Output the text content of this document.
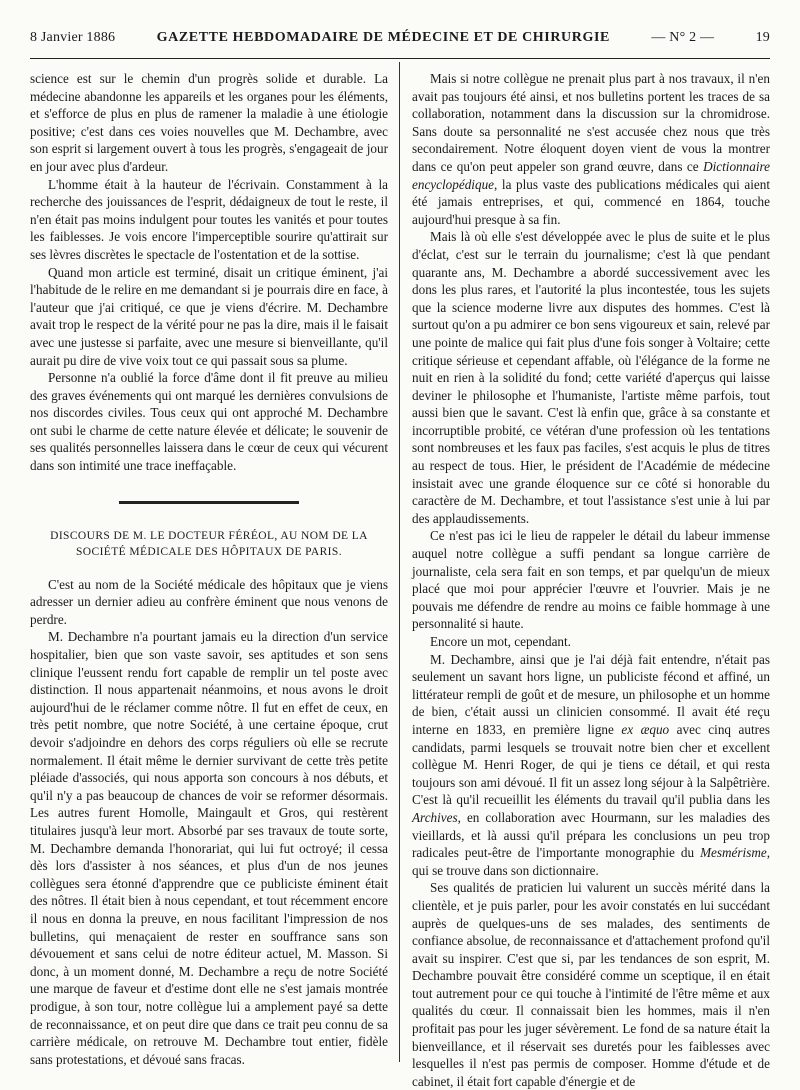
8 Janvier 1886	GAZETTE HEBDOMADAIRE DE MÉDECINE ET DE CHIRURGIE	— N° 2 —	19

science est sur le chemin d'un progrès solide et durable. La médecine abandonne les appareils et les organes pour les éléments, et s'efforce de plus en plus de ramener la maladie à une étiologie positive; c'est dans ces voies nouvelles que M. Dechambre, avec son esprit si largement ouvert à tous les progrès, s'engageait de jour en jour avec plus d'ardeur.

L'homme était à la hauteur de l'écrivain. Constamment à la recherche des jouissances de l'esprit, dédaigneux de tout le reste, il n'en était pas moins indulgent pour toutes les vanités et pour toutes les faiblesses. Je vois encore l'imperceptible sourire qu'attirait sur ses lèvres discrètes le spectacle de l'ostentation et de la sottise.

Quand mon article est terminé, disait un critique éminent, j'ai l'habitude de le relire en me demandant si je pourrais dire en face, à l'auteur que j'ai critiqué, ce que je viens d'écrire. M. Dechambre avait trop le respect de la vérité pour ne pas la dire, mais il le faisait avec une justesse si parfaite, avec une mesure si bienveillante, qu'il aurait pu dire de vive voix tout ce qui passait sous sa plume.

Personne n'a oublié la force d'âme dont il fit preuve au milieu des graves événements qui ont marqué les dernières convulsions de nos discordes civiles. Tous ceux qui ont approché M. Dechambre ont subi le charme de cette nature élevée et délicate; le souvenir de ses qualités personnelles laissera dans le cœur de ceux qui vécurent dans son intimité une trace ineffaçable.

DISCOURS DE M. LE DOCTEUR FÉRÉOL, AU NOM DE LA
SOCIÉTÉ MÉDICALE DES HÔPITAUX DE PARIS.

C'est au nom de la Société médicale des hôpitaux que je viens adresser un dernier adieu au confrère éminent que nous venons de perdre.

M. Dechambre n'a pourtant jamais eu la direction d'un service hospitalier, bien que son vaste savoir, ses aptitudes et son sens clinique l'eussent rendu fort capable de remplir un tel poste avec distinction. Il nous appartenait néanmoins, et nous avons le droit aujourd'hui de le réclamer comme nôtre. Il fut en effet de ceux, en très petit nombre, que notre Société, à une certaine époque, crut devoir s'adjoindre en dehors des corps réguliers où elle se recrute normalement. Il était même le dernier survivant de cette très petite pléiade d'associés, qui nous apporta son concours à nos débuts, et qu'il n'y a pas beaucoup de chances de voir se reformer désormais. Les autres furent Homolle, Maingault et Gros, qui restèrent titulaires jusqu'à leur mort. Absorbé par ses travaux de toute sorte, M. Dechambre demanda l'honorariat, qui lui fut octroyé; il cessa dès lors d'assister à nos séances, et plus d'un de nos jeunes collègues sera étonné d'apprendre que ce publiciste éminent était des nôtres. Il était bien à nous cependant, et tout récemment encore il nous en donna la preuve, en nous facilitant l'impression de nos bulletins, qui menaçaient de rester en souffrance sans son dévouement et sans celui de notre éditeur actuel, M. Masson. Si donc, à un moment donné, M. Dechambre a reçu de notre Société une marque de faveur et d'estime dont elle ne s'est jamais montrée prodigue, à son tour, notre collègue lui a amplement payé sa dette de reconnaissance, et on peut dire que dans ce trait peu connu de sa carrière médicale, on retrouve M. Dechambre tout entier, fidèle sans protestations, et dévoué sans fracas.

Mais si notre collègue ne prenait plus part à nos travaux, il n'en avait pas toujours été ainsi, et nos bulletins portent les traces de sa collaboration, notamment dans la discussion sur la chromidrose. Sans doute sa personnalité ne s'est accusée chez nous que très secondairement. Notre éloquent doyen vient de vous la montrer dans ce qu'on peut appeler son grand œuvre, dans ce Dictionnaire encyclopédique, la plus vaste des publications médicales qui aient été jamais entreprises, et qui, commencé en 1864, touche aujourd'hui presque à sa fin.

Mais là où elle s'est développée avec le plus de suite et le plus d'éclat, c'est sur le terrain du journalisme; c'est là que pendant quarante ans, M. Dechambre a abordé successivement avec les dons les plus rares, et l'autorité la plus incontestée, tous les sujets que la science moderne livre aux disputes des hommes. C'est là surtout qu'on a pu admirer ce bon sens vigoureux et sain, relevé par une pointe de malice qui fait plus d'une fois songer à Voltaire; cette critique sérieuse et cependant affable, où l'élégance de la forme ne nuit en rien à la solidité du fond; cette variété d'aperçus qui laisse deviner le philosophe et l'humaniste, l'artiste même parfois, tout aussi bien que le savant. C'est là enfin que, grâce à sa constante et incorruptible probité, ce vétéran d'une profession où les tentations sont nombreuses et les faux pas faciles, s'est acquis le plus de titres au respect de tous. Hier, le président de l'Académie de médecine insistait avec une grande éloquence sur ce côté si honorable du caractère de M. Dechambre, et tout l'assistance s'est unie à lui par des applaudissements.

Ce n'est pas ici le lieu de rappeler le détail du labeur immense auquel notre collègue a suffi pendant sa longue carrière de journaliste, cela sera fait en son temps, et par quelqu'un de mieux placé que moi pour apprécier l'œuvre et l'ouvrier. Mais je ne pouvais me défendre de rendre au moins ce faible hommage à une personnalité si haute.

Encore un mot, cependant.

M. Dechambre, ainsi que je l'ai déjà fait entendre, n'était pas seulement un savant hors ligne, un publiciste fécond et affiné, un littérateur rempli de goût et de mesure, un philosophe et un homme de bien, c'était aussi un clinicien consommé. Il avait été reçu interne en 1833, en première ligne ex æquo avec cinq autres candidats, parmi lesquels se trouvait notre bien cher et excellent collègue M. Henri Roger, de qui je tiens ce détail, et qui resta toujours son ami dévoué. Il fit un assez long séjour à la Salpêtrière. C'est là qu'il recueillit les éléments du travail qu'il publia dans les Archives, en collaboration avec Hourmann, sur les maladies des vieillards, et là aussi qu'il prépara les conclusions un peu trop radicales peut-être de l'importante monographie du Mesmérisme, qui se trouve dans son dictionnaire.

Ses qualités de praticien lui valurent un succès mérité dans la clientèle, et je puis parler, pour les avoir constatés en lui succédant auprès de quelques-uns de ses malades, des sentiments de confiance absolue, de reconnaissance et d'attachement profond qu'il avait su inspirer. C'est que si, par les tendances de son esprit, M. Dechambre pouvait être considéré comme un sceptique, il en était tout autrement pour ce qui touche à l'intimité de l'être même et aux qualités du cœur. Il connaissait bien les hommes, mais il n'en profitait pas pour les juger sévèrement. Le fond de sa nature était la bienveillance, et il réservait ses duretés pour les faiblesses avec lesquelles il n'est pas permis de composer. Homme d'étude et de cabinet, il était fort capable d'énergie et de
